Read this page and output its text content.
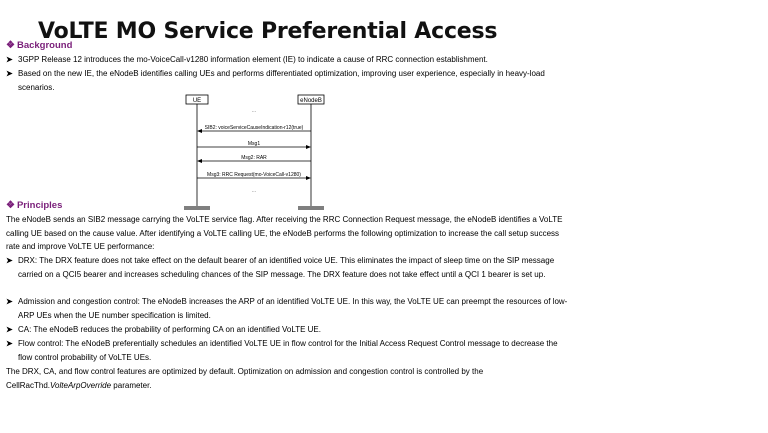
VoLTE MO Service Preferential Access
❖ Background
➤ 3GPP Release 12 introduces the mo-VoiceCall-v1280 information element (IE) to indicate a cause of RRC connection establishment.
➤ Based on the new IE, the eNodeB identifies calling UEs and performs differentiated optimization, improving user experience, especially in heavy-load scenarios.
UE	eNodeB
...
SIB2: voiceServiceCauseIndication-r12(true)
Msg1
Msg2: RAR
Msg3: RRC Request(mo-VoiceCall-v1280)
...
❖ Principles
The eNodeB sends an SIB2 message carrying the VoLTE service flag. After receiving the RRC Connection Request message, the eNodeB identifies a VoLTE calling UE based on the cause value. After identifying a VoLTE calling UE, the eNodeB performs the following optimization to increase the call setup success rate and improve VoLTE UE performance:
➤ DRX: The DRX feature does not take effect on the default bearer of an identified voice UE. This eliminates the impact of sleep time on the SIP message carried on a QCI5 bearer and increases scheduling chances of the SIP message. The DRX feature does not take effect until a QCI 1 bearer is set up.
➤ Admission and congestion control: The eNodeB increases the ARP of an identified VoLTE UE. In this way, the VoLTE UE can preempt the resources of low-ARP UEs when the UE number specification is limited.
➤ CA: The eNodeB reduces the probability of performing CA on an identified VoLTE UE.
➤ Flow control: The eNodeB preferentially schedules an identified VoLTE UE in flow control for the Initial Access Request Control message to decrease the flow control probability of VoLTE UEs.
The DRX, CA, and flow control features are optimized by default. Optimization on admission and congestion control is controlled by the CellRacThd.VolteArpOverride parameter.
